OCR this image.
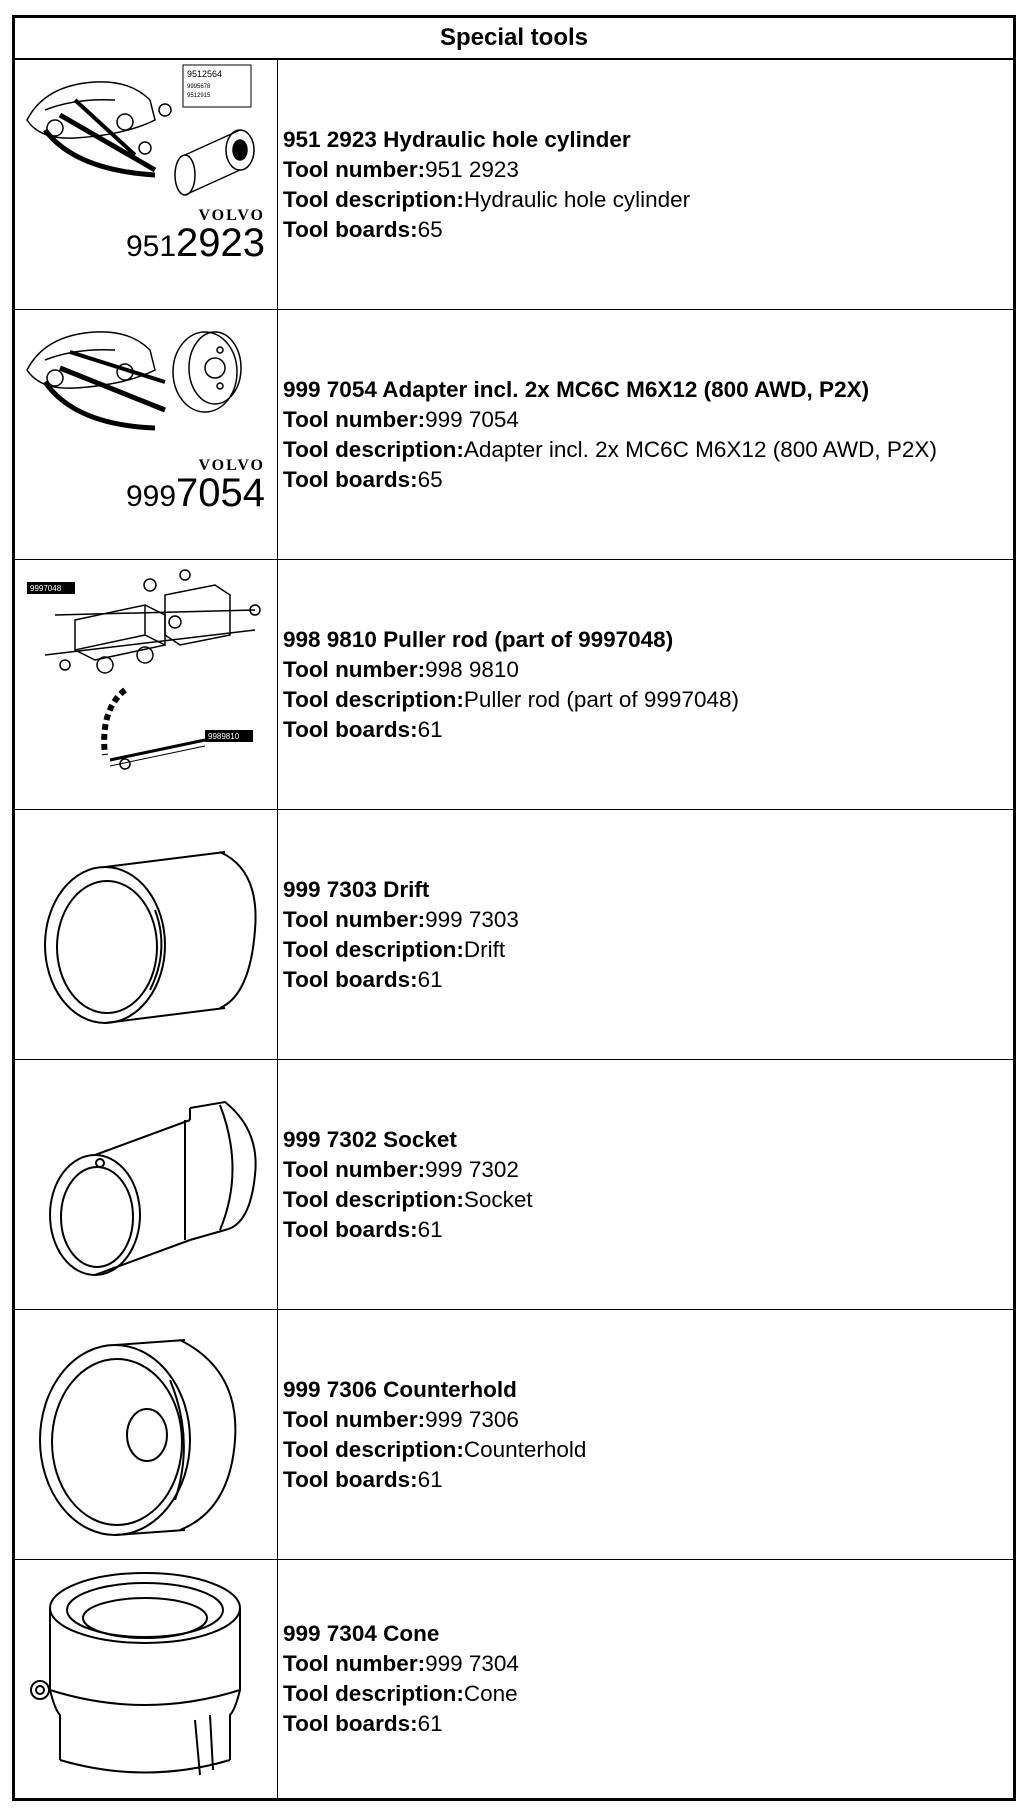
Special tools
9512564
9995678
9512915
VOLVO
9512923
951 2923 Hydraulic hole cylinder
Tool number:951 2923
Tool description:Hydraulic hole cylinder
Tool boards:65
VOLVO
9997054
999 7054 Adapter incl. 2x MC6C M6X12 (800 AWD, P2X)
Tool number:999 7054
Tool description:Adapter incl. 2x MC6C M6X12 (800 AWD, P2X)
Tool boards:65
9997048
9989810
998 9810 Puller rod (part of 9997048)
Tool number:998 9810
Tool description:Puller rod (part of 9997048)
Tool boards:61
999 7303 Drift
Tool number:999 7303
Tool description:Drift
Tool boards:61
999 7302 Socket
Tool number:999 7302
Tool description:Socket
Tool boards:61
999 7306 Counterhold
Tool number:999 7306
Tool description:Counterhold
Tool boards:61
999 7304 Cone
Tool number:999 7304
Tool description:Cone
Tool boards:61
